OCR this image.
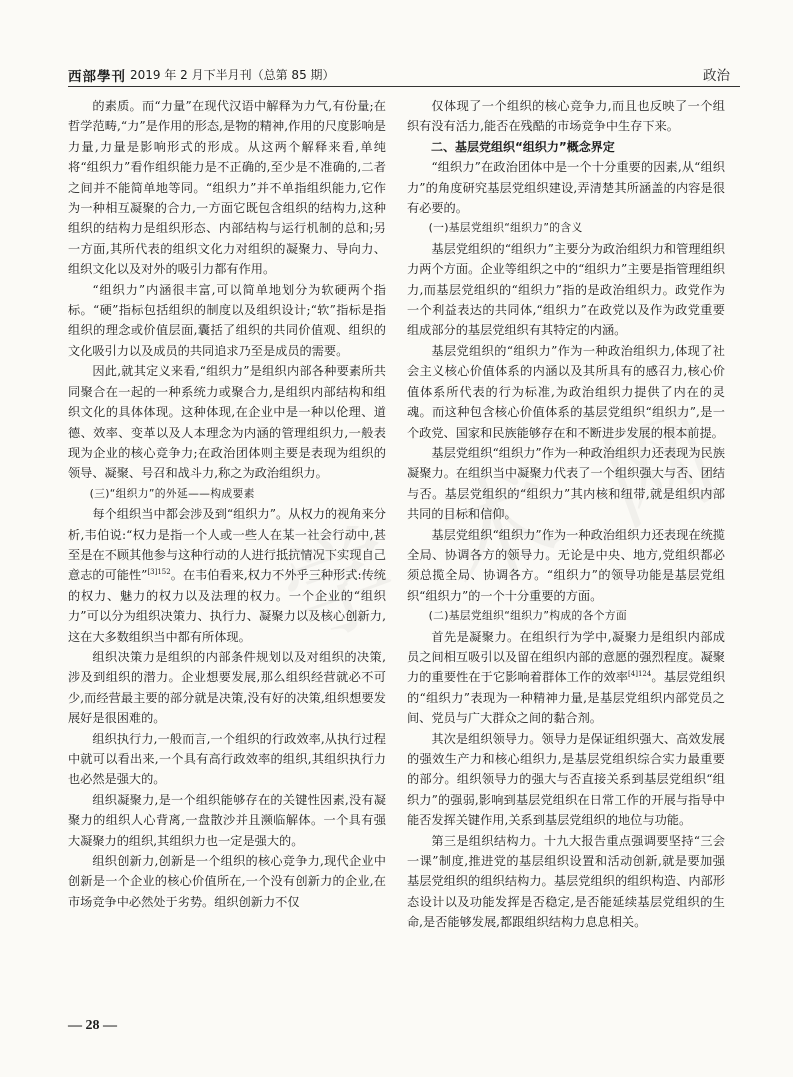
西部學刊 2019 年 2 月下半月刊（总第 85 期）	政治

的素质。而“力量”在现代汉语中解释为力气,有份量;在哲学范畴,“力”是作用的形态,是物的精神,作用的尺度影响是力量,力量是影响形式的形成。从这两个解释来看,单纯将“组织力”看作组织能力是不正确的,至少是不准确的,二者之间并不能简单地等同。“组织力”并不单指组织能力,它作为一种相互凝聚的合力,一方面它既包含组织的结构力,这种组织的结构力是组织形态、内部结构与运行机制的总和;另一方面,其所代表的组织文化力对组织的凝聚力、导向力、组织文化以及对外的吸引力都有作用。

“组织力”内涵很丰富,可以简单地划分为软硬两个指标。“硬”指标包括组织的制度以及组织设计;“软”指标是指组织的理念或价值层面,囊括了组织的共同价值观、组织的文化吸引力以及成员的共同追求乃至是成员的需要。

因此,就其定义来看,“组织力”是组织内部各种要素所共同聚合在一起的一种系统力或聚合力,是组织内部结构和组织文化的具体体现。这种体现,在企业中是一种以伦理、道德、效率、变革以及人本理念为内涵的管理组织力,一般表现为企业的核心竞争力;在政治团体则主要是表现为组织的领导、凝聚、号召和战斗力,称之为政治组织力。

(三)“组织力”的外延——构成要素

每个组织当中都会涉及到“组织力”。从权力的视角来分析,韦伯说:“权力是指一个人或一些人在某一社会行动中,甚至是在不顾其他参与这种行动的人进行抵抗情况下实现自己意志的可能性”$^{[3]152}$。在韦伯看来,权力不外乎三种形式:传统的权力、魅力的权力以及法理的权力。一个企业的“组织力”可以分为组织决策力、执行力、凝聚力以及核心创新力,这在大多数组织当中都有所体现。

组织决策力是组织的内部条件规划以及对组织的决策,涉及到组织的潜力。企业想要发展,那么组织经营就必不可少,而经营最主要的部分就是决策,没有好的决策,组织想要发展好是很困难的。

组织执行力,一般而言,一个组织的行政效率,从执行过程中就可以看出来,一个具有高行政效率的组织,其组织执行力也必然是强大的。

组织凝聚力,是一个组织能够存在的关键性因素,没有凝聚力的组织人心背离,一盘散沙并且濒临解体。一个具有强大凝聚力的组织,其组织力也一定是强大的。

组织创新力,创新是一个组织的核心竞争力,现代企业中创新是一个企业的核心价值所在,一个没有创新力的企业,在市场竞争中必然处于劣势。组织创新力不仅

仅体现了一个组织的核心竞争力,而且也反映了一个组织有没有活力,能否在残酷的市场竞争中生存下来。

二、基层党组织“组织力”概念界定

“组织力”在政治团体中是一个十分重要的因素,从“组织力”的角度研究基层党组织建设,弄清楚其所涵盖的内容是很有必要的。

(一)基层党组织“组织力”的含义

基层党组织的“组织力”主要分为政治组织力和管理组织力两个方面。企业等组织之中的“组织力”主要是指管理组织力,而基层党组织的“组织力”指的是政治组织力。政党作为一个利益表达的共同体,“组织力”在政党以及作为政党重要组成部分的基层党组织有其特定的内涵。

基层党组织的“组织力”作为一种政治组织力,体现了社会主义核心价值体系的内涵以及其所具有的感召力,核心价值体系所代表的行为标准,为政治组织力提供了内在的灵魂。而这种包含核心价值体系的基层党组织“组织力”,是一个政党、国家和民族能够存在和不断进步发展的根本前提。

基层党组织“组织力”作为一种政治组织力还表现为民族凝聚力。在组织当中凝聚力代表了一个组织强大与否、团结与否。基层党组织的“组织力”其内核和纽带,就是组织内部共同的目标和信仰。

基层党组织“组织力”作为一种政治组织力还表现在统揽全局、协调各方的领导力。无论是中央、地方,党组织都必须总揽全局、协调各方。“组织力”的领导功能是基层党组织“组织力”的一个十分重要的方面。

(二)基层党组织“组织力”构成的各个方面

首先是凝聚力。在组织行为学中,凝聚力是组织内部成员之间相互吸引以及留在组织内部的意愿的强烈程度。凝聚力的重要性在于它影响着群体工作的效率$^{[4]124}$。基层党组织的“组织力”表现为一种精神力量,是基层党组织内部党员之间、党员与广大群众之间的黏合剂。

其次是组织领导力。领导力是保证组织强大、高效发展的强效生产力和核心组织力,是基层党组织综合实力最重要的部分。组织领导力的强大与否直接关系到基层党组织“组织力”的强弱,影响到基层党组织在日常工作的开展与指导中能否发挥关键作用,关系到基层党组织的地位与功能。

第三是组织结构力。十九大报告重点强调要坚持“三会一课”制度,推进党的基层组织设置和活动创新,就是要加强基层党组织的组织结构力。基层党组织的组织构造、内部形态设计以及功能发挥是否稳定,是否能延续基层党组织的生命,是否能够发展,都跟组织结构力息息相关。

— 28 —
